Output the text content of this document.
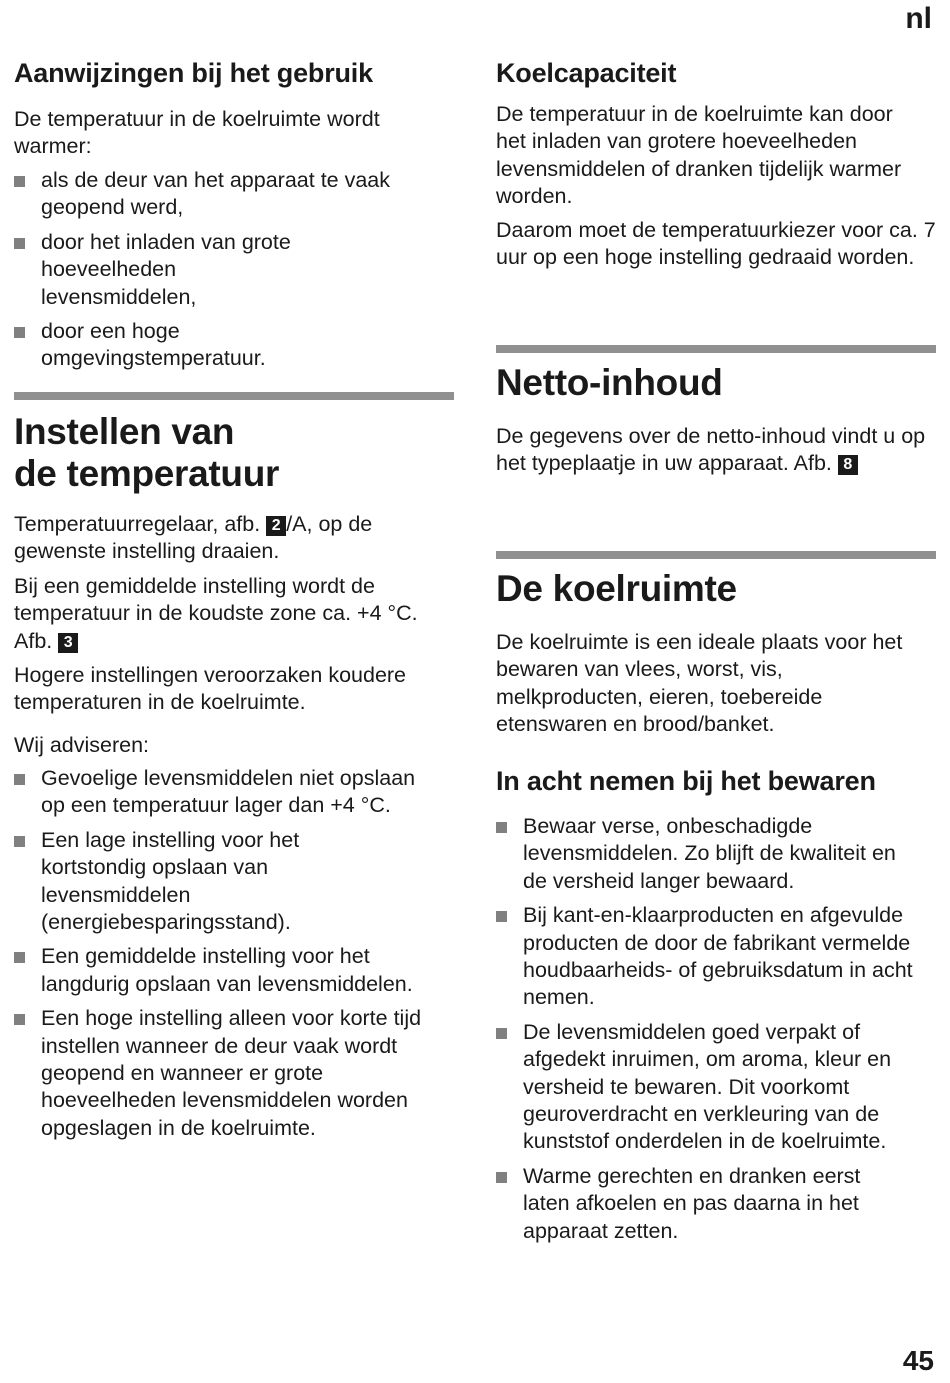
nl
Aanwijzingen bij het gebruik

De temperatuur in de koelruimte wordt warmer:

als de deur van het apparaat te vaak geopend werd,
door het inladen van grote hoeveelheden levensmiddelen,
door een hoge omgevingstemperatuur.
Instellen van
de temperatuur

Temperatuurregelaar, afb. 2 /A, op de gewenste instelling draaien.

Bij een gemiddelde instelling wordt de temperatuur in de koudste zone ca. +4 °C. Afb. 3

Hogere instellingen veroorzaken koudere temperaturen in de koelruimte.

Wij adviseren:

Gevoelige levensmiddelen niet opslaan op een temperatuur lager dan +4 °C.
Een lage instelling voor het kortstondig opslaan van levensmiddelen (energiebesparingsstand).
Een gemiddelde instelling voor het langdurig opslaan van levensmiddelen.
Een hoge instelling alleen voor korte tijd instellen wanneer de deur vaak wordt geopend en wanneer er grote hoeveelheden levensmiddelen worden opgeslagen in de koelruimte.
Koelcapaciteit

De temperatuur in de koelruimte kan door het inladen van grotere hoeveelheden levensmiddelen of dranken tijdelijk warmer worden.

Daarom moet de temperatuurkiezer voor ca. 7 uur op een hoge instelling gedraaid worden.

Netto-inhoud

De gegevens over de netto-inhoud vindt u op het typeplaatje in uw apparaat. Afb. 8

De koelruimte

De koelruimte is een ideale plaats voor het bewaren van vlees, worst, vis, melkproducten, eieren, toebereide etenswaren en brood/banket.

In acht nemen bij het bewaren
Bewaar verse, onbeschadigde levensmiddelen. Zo blijft de kwaliteit en de versheid langer bewaard.
Bij kant-en-klaarproducten en afgevulde producten de door de fabrikant vermelde houdbaarheids- of gebruiksdatum in acht nemen.
De levensmiddelen goed verpakt of afgedekt inruimen, om aroma, kleur en versheid te bewaren. Dit voorkomt geuroverdracht en verkleuring van de kunststof onderdelen in de koelruimte.
Warme gerechten en dranken eerst laten afkoelen en pas daarna in het apparaat zetten.
45
